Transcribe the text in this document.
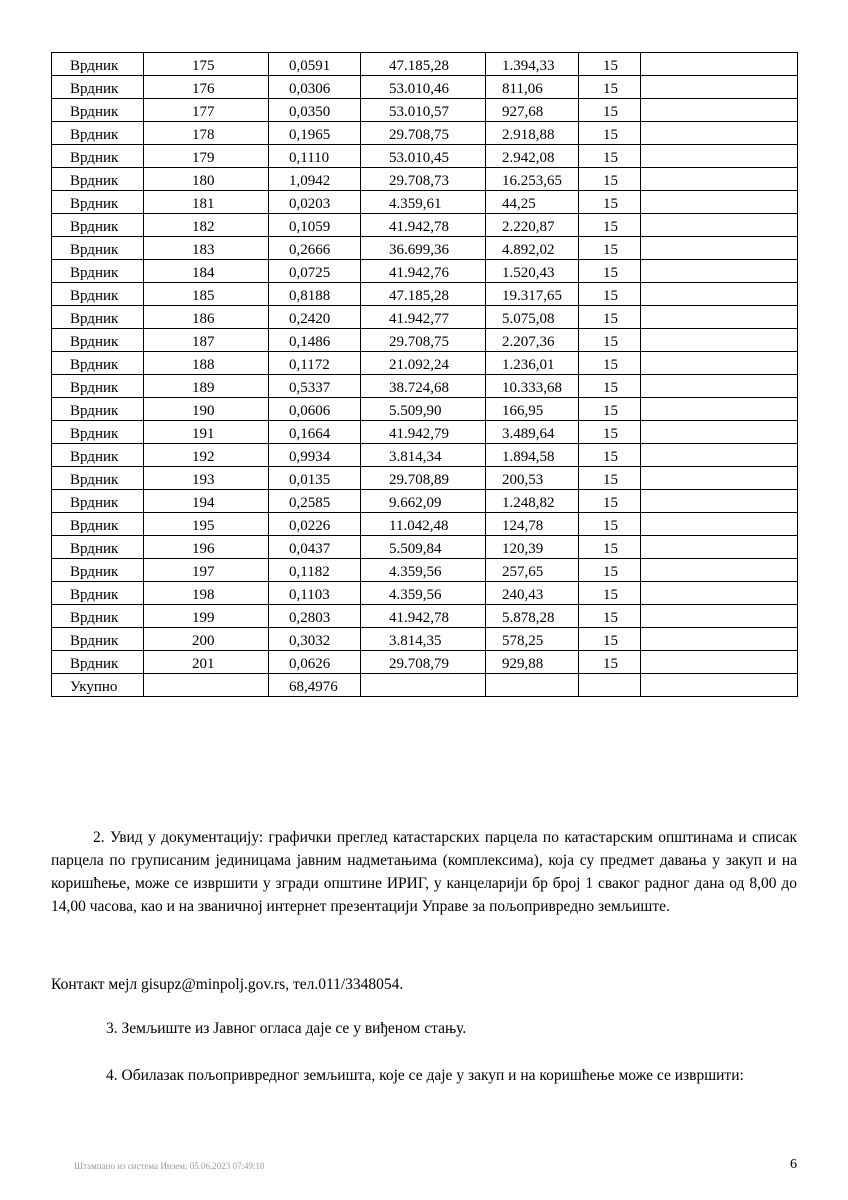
Врдник	175	0,0591	47.185,28	1.394,33	15	
Врдник	176	0,0306	53.010,46	811,06	15	
Врдник	177	0,0350	53.010,57	927,68	15	
Врдник	178	0,1965	29.708,75	2.918,88	15	
Врдник	179	0,1110	53.010,45	2.942,08	15	
Врдник	180	1,0942	29.708,73	16.253,65	15	
Врдник	181	0,0203	4.359,61	44,25	15	
Врдник	182	0,1059	41.942,78	2.220,87	15	
Врдник	183	0,2666	36.699,36	4.892,02	15	
Врдник	184	0,0725	41.942,76	1.520,43	15	
Врдник	185	0,8188	47.185,28	19.317,65	15	
Врдник	186	0,2420	41.942,77	5.075,08	15	
Врдник	187	0,1486	29.708,75	2.207,36	15	
Врдник	188	0,1172	21.092,24	1.236,01	15	
Врдник	189	0,5337	38.724,68	10.333,68	15	
Врдник	190	0,0606	5.509,90	166,95	15	
Врдник	191	0,1664	41.942,79	3.489,64	15	
Врдник	192	0,9934	3.814,34	1.894,58	15	
Врдник	193	0,0135	29.708,89	200,53	15	
Врдник	194	0,2585	9.662,09	1.248,82	15	
Врдник	195	0,0226	11.042,48	124,78	15	
Врдник	196	0,0437	5.509,84	120,39	15	
Врдник	197	0,1182	4.359,56	257,65	15	
Врдник	198	0,1103	4.359,56	240,43	15	
Врдник	199	0,2803	41.942,78	5.878,28	15	
Врдник	200	0,3032	3.814,35	578,25	15	
Врдник	201	0,0626	29.708,79	929,88	15	
Укупно		68,4976				

2. Увид у документацију: графички преглед катастарских парцела по катастарским општинама и списак парцела по груписаним јединицама јавним надметањима (комплексима), која су предмет давања у закуп и на коришћење, може се извршити у згради општине ИРИГ, у канцеларији бр број 1 сваког радног дана од 8,00 до 14,00 часова, као и на званичној интернет презентацији Управе за пољопривредно земљиште.

Контакт мејл gisupz@minpolj.gov.rs, тел.011/3348054.

3. Земљиште из Јавног огласа даје се у виђеном стању.

4. Обилазак пољопривредног земљишта, које се даје у закуп и на коришћење може се извршити:

Штампано из система Инзем: 05.06.2023 07:49:10	6
